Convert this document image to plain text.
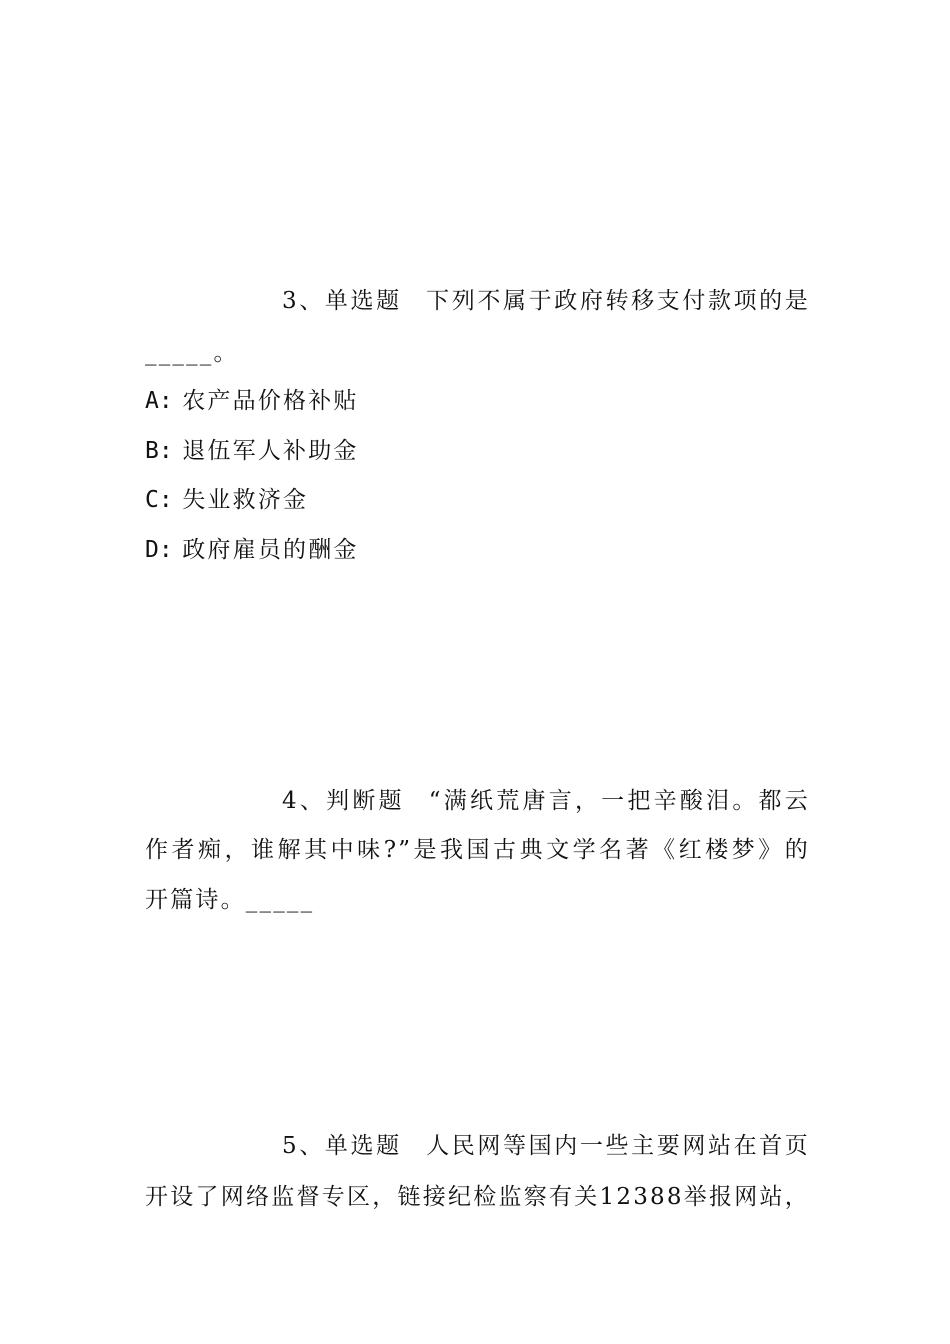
3、单选题 下列不属于政府转移支付款项的是
_____。
A: 农产品价格补贴
B: 退伍军人补助金
C: 失业救济金
D: 政府雇员的酬金
4、判断题 “满纸荒唐言，一把辛酸泪。都云
作者痴，谁解其中味?”是我国古典文学名著《红楼梦》的
开篇诗。_____
5、单选题 人民网等国内一些主要网站在首页
开设了网络监督专区，链接纪检监察有关12388举报网站，
